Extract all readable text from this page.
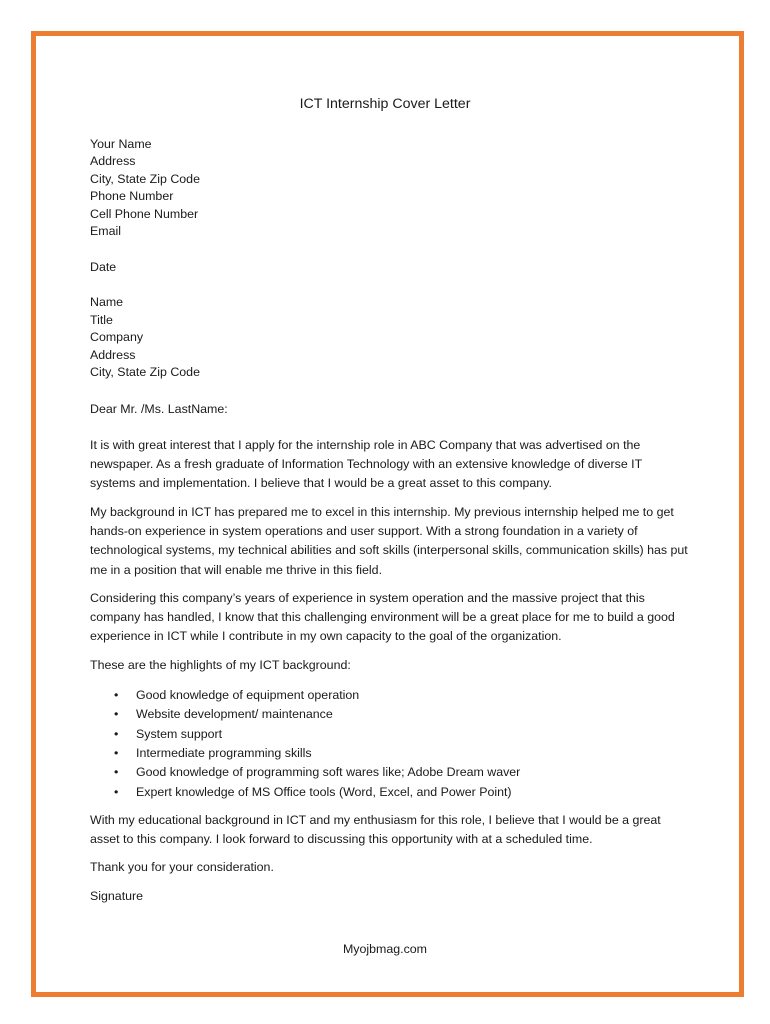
ICT Internship Cover Letter
Your Name
Address
City, State Zip Code
Phone Number
Cell Phone Number
Email
Date
Name
Title
Company
Address
City, State Zip Code

Dear Mr. /Ms. LastName:

It is with great interest that I apply for the internship role in ABC Company that was advertised on the newspaper. As a fresh graduate of Information Technology with an extensive knowledge of diverse IT systems and implementation. I believe that I would be a great asset to this company.

My background in ICT has prepared me to excel in this internship. My previous internship helped me to get hands-on experience in system operations and user support. With a strong foundation in a variety of technological systems, my technical abilities and soft skills (interpersonal skills, communication skills) has put me in a position that will enable me thrive in this field.

Considering this company’s years of experience in system operation and the massive project that this company has handled, I know that this challenging environment will be a great place for me to build a good experience in ICT while I contribute in my own capacity to the goal of the organization.

These are the highlights of my ICT background:

• Good knowledge of equipment operation
• Website development/ maintenance
• System support
• Intermediate programming skills
• Good knowledge of programming soft wares like; Adobe Dream waver
• Expert knowledge of MS Office tools (Word, Excel, and Power Point)

With my educational background in ICT and my enthusiasm for this role, I believe that I would be a great asset to this company. I look forward to discussing this opportunity with at a scheduled time.

Thank you for your consideration.

Signature

Myojbmag.com
